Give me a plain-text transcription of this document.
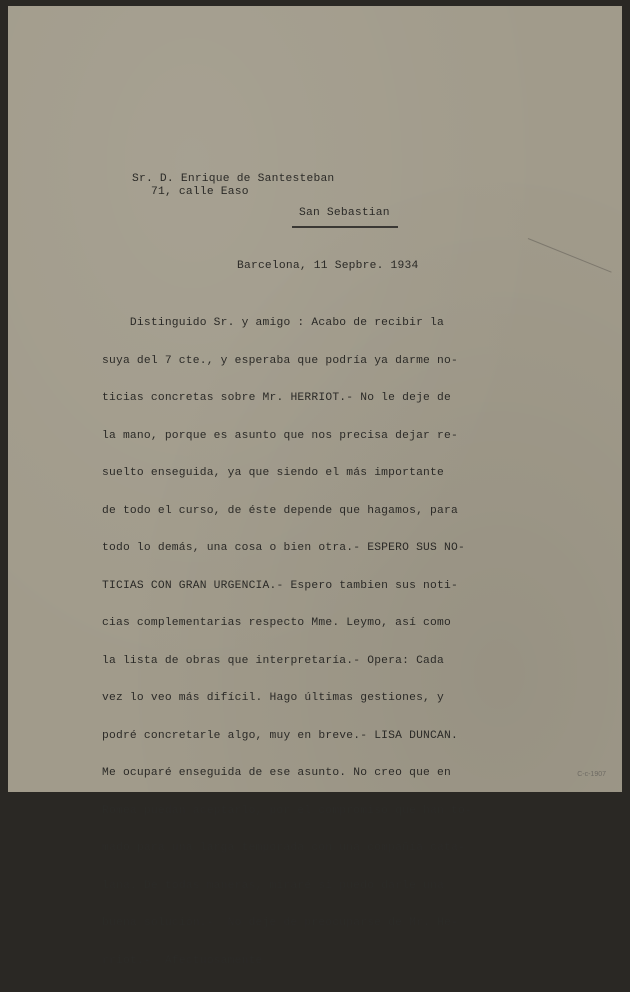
Sr. D. Enrique de Santesteban
71, calle Easo
San Sebastian
Barcelona, 11 Sepbre. 1934

Distinguido Sr. y amigo : Acabo de recibir la

suya del 7 cte., y esperaba que podría ya darme no-

ticias concretas sobre Mr. HERRIOT.- No le deje de

la mano, porque es asunto que nos precisa dejar re-

suelto enseguida, ya que siendo el más importante

de todo el curso, de éste depende que hagamos, para

todo lo demás, una cosa o bien otra.- ESPERO SUS NO-

TICIAS CON GRAN URGENCIA.- Espero tambien sus noti-

cias complementarias respecto Mme. Leymo, así como

la lista de obras que interpretaría.- Opera: Cada

vez lo veo más difícil. Hago últimas gestiones, y

podré concretarle algo, muy en breve.- LISA DUNCAN.

Me ocuparé enseguida de ese asunto. No creo que en

Romea puedan aceptarlo, por el compromiso que han to-

mado para una larga temporada con una compañía cata-

lana. De todas maneras, miraré si puedo darle una

buena solución.-  No deje de preocuparse de Mr. He-

rriot.-  Afectuosamente

C-c-1907
